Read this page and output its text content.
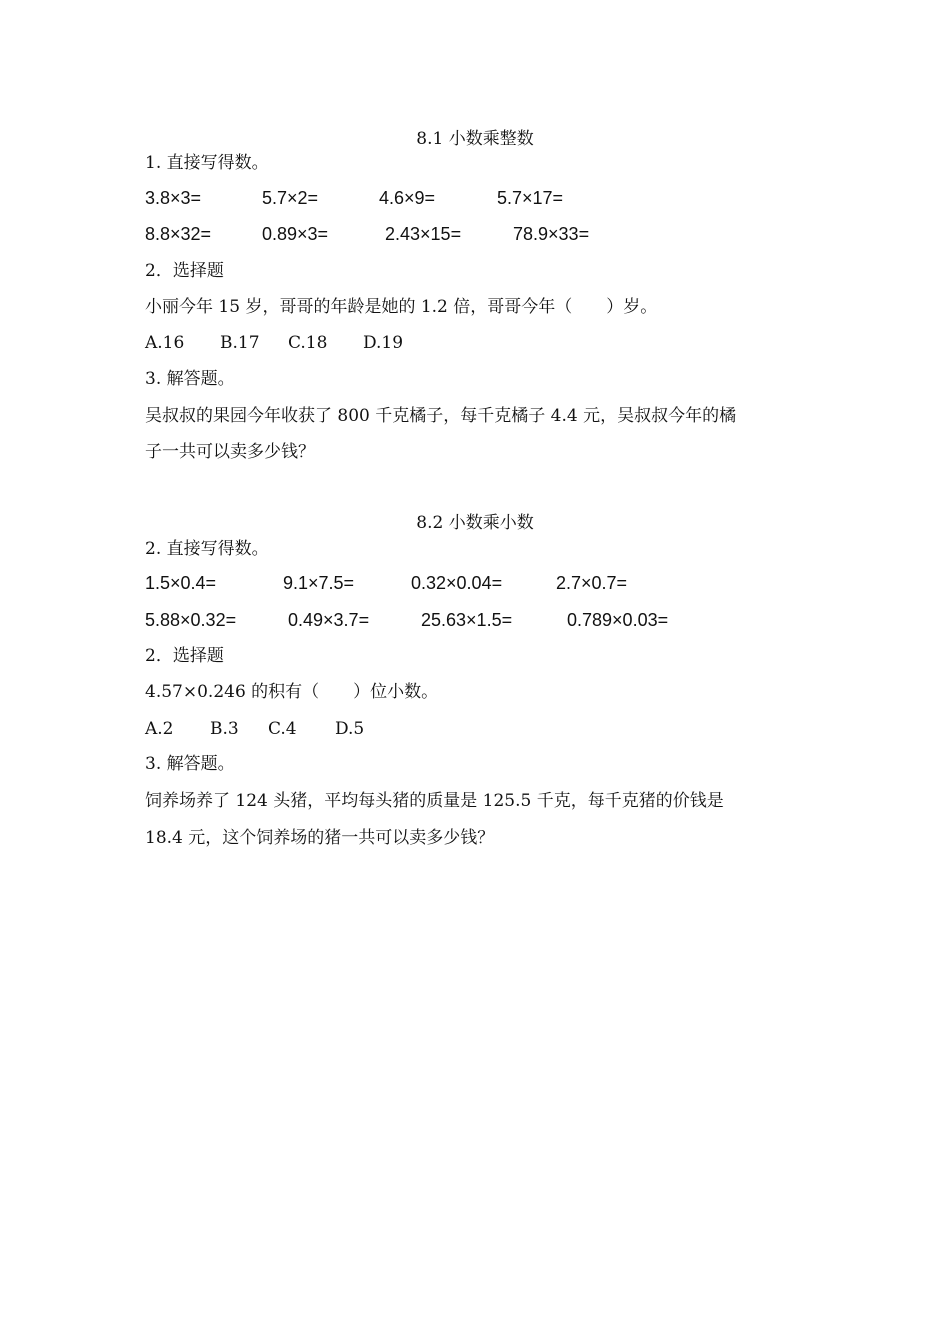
8.1 小数乘整数
1. 直接写得数。
3.8×3=	5.7×2=	4.6×9=	5.7×17=
8.8×32=	0.89×3=	2.43×15=	78.9×33=
2．选择题
小丽今年 15 岁，哥哥的年龄是她的 1.2 倍，哥哥今年（　　）岁。
A.16 B.17 C.18 D.19
3. 解答题。
吴叔叔的果园今年收获了 800 千克橘子，每千克橘子 4.4 元，吴叔叔今年的橘
子一共可以卖多少钱？
8.2 小数乘小数
2. 直接写得数。
1.5×0.4=	9.1×7.5=	0.32×0.04=	2.7×0.7=
5.88×0.32=	0.49×3.7=	25.63×1.5=	0.789×0.03=
2．选择题
4.57×0.246 的积有（　　）位小数。
A.2 B.3 C.4 D.5
3. 解答题。
饲养场养了 124 头猪，平均每头猪的质量是 125.5 千克，每千克猪的价钱是
18.4 元，这个饲养场的猪一共可以卖多少钱？
